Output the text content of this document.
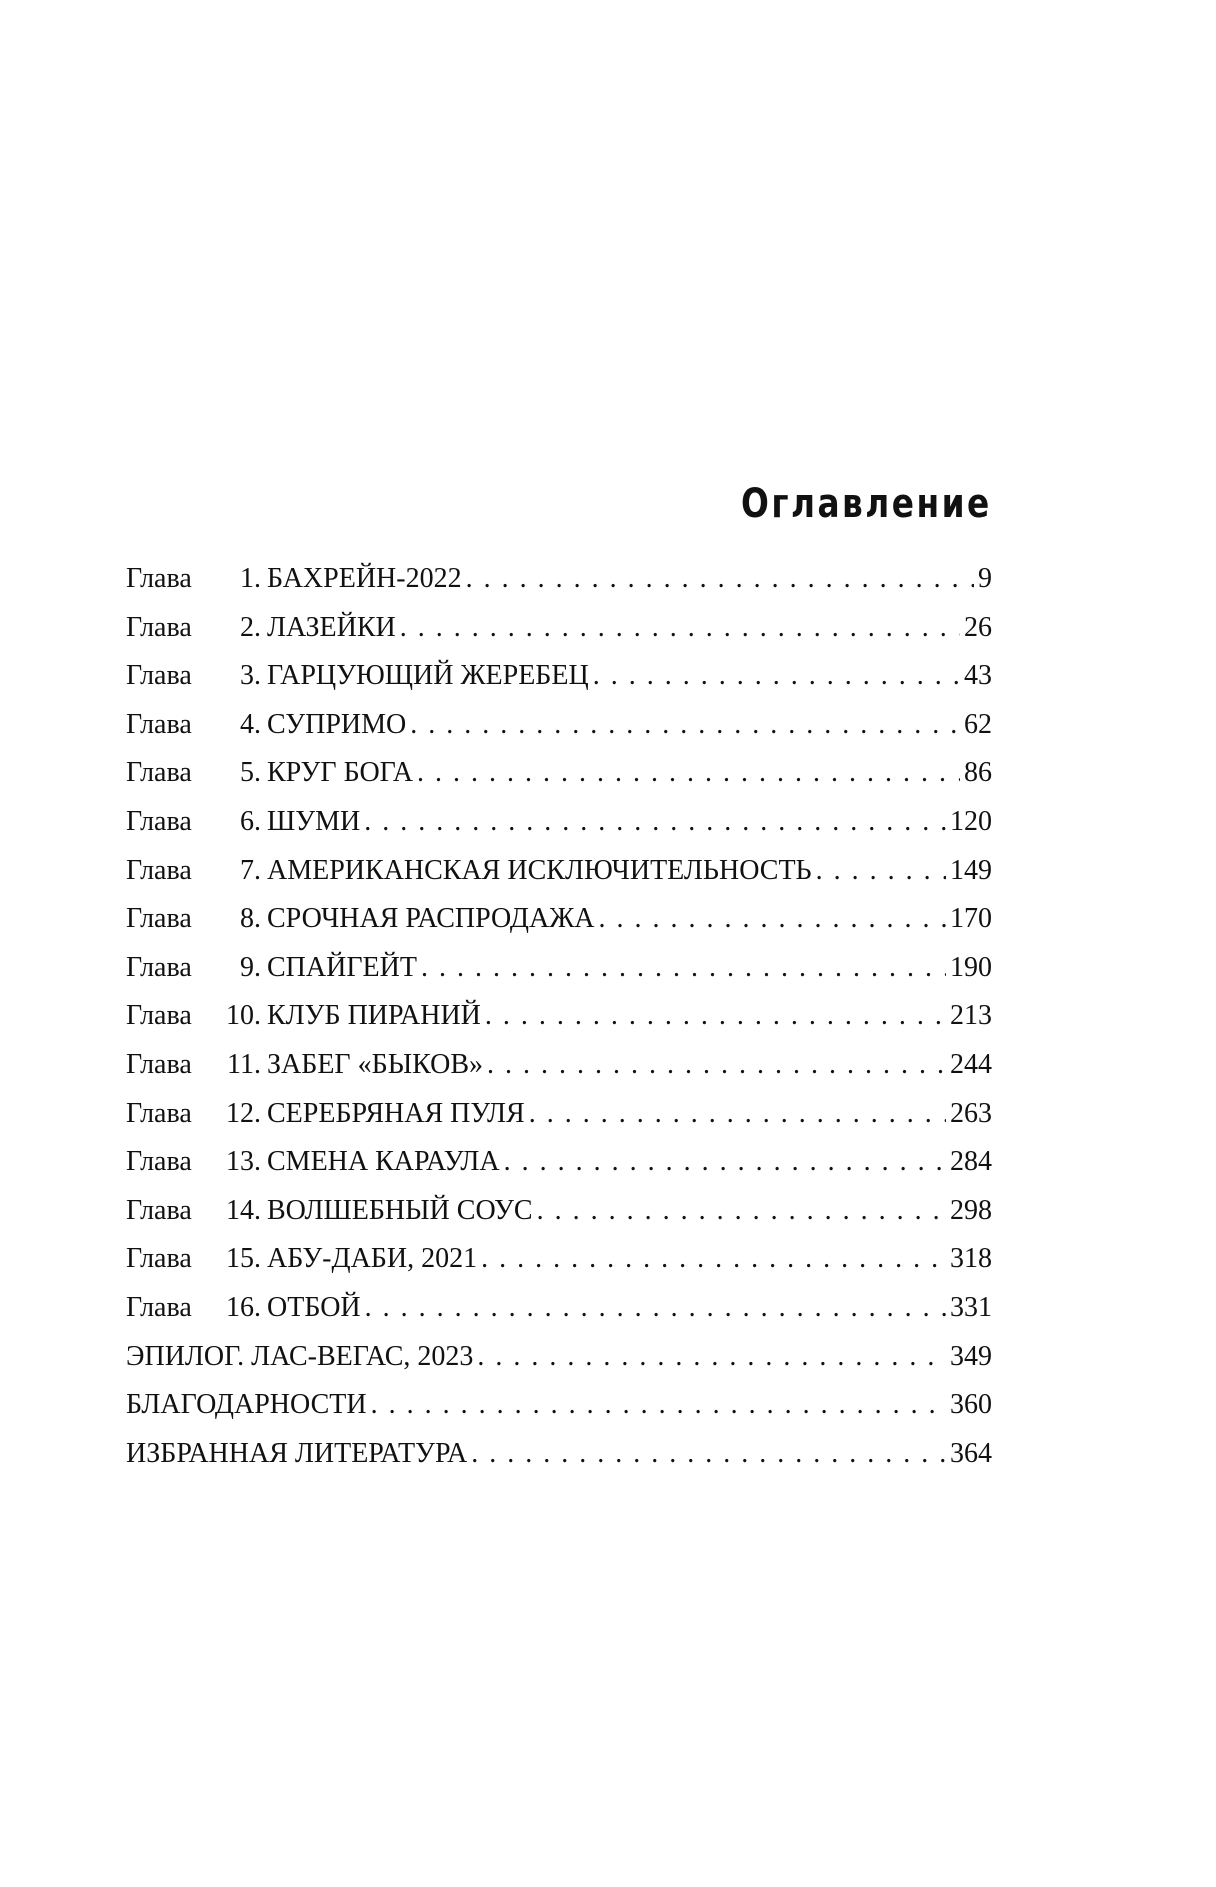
Оглавление
Глава	1. БАХРЕЙН-2022 . . .	9
Глава	2. ЛАЗЕЙКИ . . .	26
Глава	3. ГАРЦУЮЩИЙ ЖЕРЕБЕЦ . . .	43
Глава	4. СУПРИМО . . .	62
Глава	5. КРУГ БОГА . . .	86
Глава	6. ШУМИ . . .	120
Глава	7. АМЕРИКАНСКАЯ ИСКЛЮЧИТЕЛЬНОСТЬ . . .	149
Глава	8. СРОЧНАЯ РАСПРОДАЖА . . .	170
Глава	9. СПАЙГЕЙТ . . .	190
Глава	10. КЛУБ ПИРАНИЙ . . .	213
Глава	11. ЗАБЕГ «БЫКОВ» . . .	244
Глава	12. СЕРЕБРЯНАЯ ПУЛЯ . . .	263
Глава	13. СМЕНА КАРАУЛА . . .	284
Глава	14. ВОЛШЕБНЫЙ СОУС . . .	298
Глава	15. АБУ-ДАБИ, 2021 . . .	318
Глава	16. ОТБОЙ . . .	331
ЭПИЛОГ. ЛАС-ВЕГАС, 2023 . . .	349
БЛАГОДАРНОСТИ . . .	360
ИЗБРАННАЯ ЛИТЕРАТУРА . . .	364
